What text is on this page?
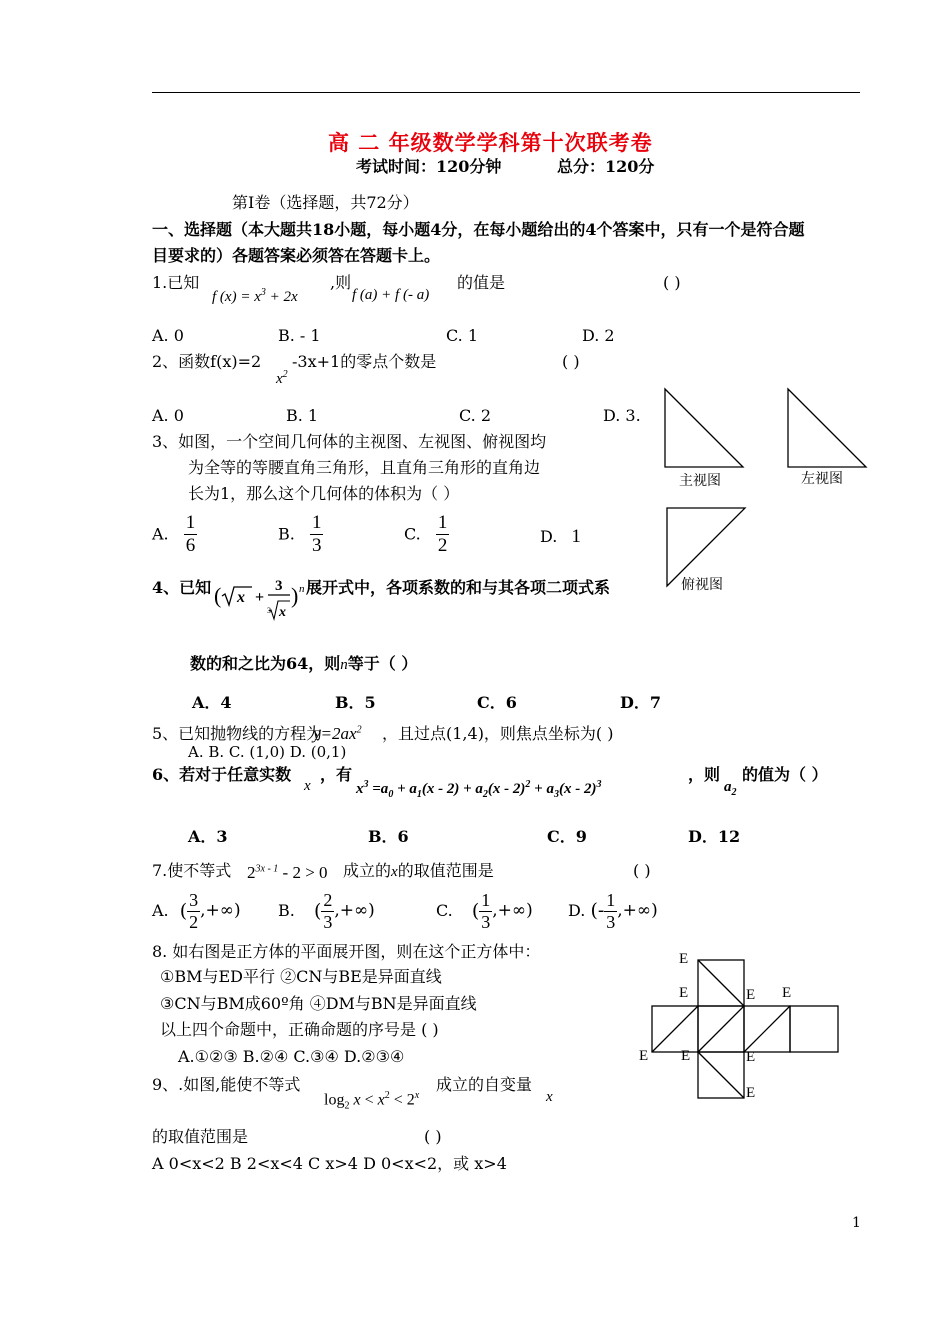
高 二 年级数学学科第十次联考卷
考试时间：120分钟	总分：120分
第Ⅰ卷（选择题，共72分）
一、选择题（本大题共18小题，每小题4分，在每小题给出的4个答案中，只有一个是符合题
目要求的）各题答案必须答在答题卡上。
1.已知
f $(x) = x^3 + 2x$
,则
f (a) + f (- a)
的值是	( )
A. 0	B. - 1	C. 1	D. 2
2、函数f(x)=2
$x^2$
-3x+1的零点个数是	( )
A. 0	B. 1	C. 2	D. 3.
3、如图，一个空间几何体的主视图、左视图、俯视图均
为全等的等腰直角三角形，且直角三角形的直角边
长为1，那么这个几何体的体积为（ ）
A. $\frac{1}{6}$	B. $\frac{1}{3}$	C. $\frac{1}{2}$	D. 1
主视图	左视图
俯视图
4、已知 ( x +
3
3 x
) n 展开式中，各项系数的和与其各项二项式系
数的和之比为64，则n等于（ ）
A．4	B．5	C．6	D．7
5、已知抛物线的方程为
$y=2ax^2$ ，且过点(1,4)，则焦点坐标为( )
A. B. C. (1,0) D. (0,1)
6、若对于任意实数
x
，有
$x^3 =a_0 + a_1(x - 2) + a_2(x - 2)^2 + a_3(x - 2)^3$
，则
$a_2$
的值为（ ）
A．3	B．6	C．9	D．12
7.使不等式 $2^{3x - 1} - 2 > 0$ 成立的x的取值范围是	( )
A. ( $\frac{3}{2}$ ,+∞) B. ( $\frac{2}{3}$ ,+∞)	C. ( $\frac{1}{3}$ ,+∞) D. (- $\frac{1}{3}$ ,+∞)
8. 如右图是正方体的平面展开图，则在这个正方体中：
①BM与ED平行 ②CN与BE是异面直线
③CN与BM成60º角 ④DM与BN是异面直线
以上四个命题中，正确命题的序号是 ( )
A.①②③ B.②④ C.③④ D.②③④
E
E	E E
E E	E
E
9、.如图,能使不等式
$\log_2 x < x^2 < 2^x$
成立的自变量
x
的取值范围是	( )
A 0<x<2 B 2<x<4 C x>4 D 0<x<2，或 x>4
1
